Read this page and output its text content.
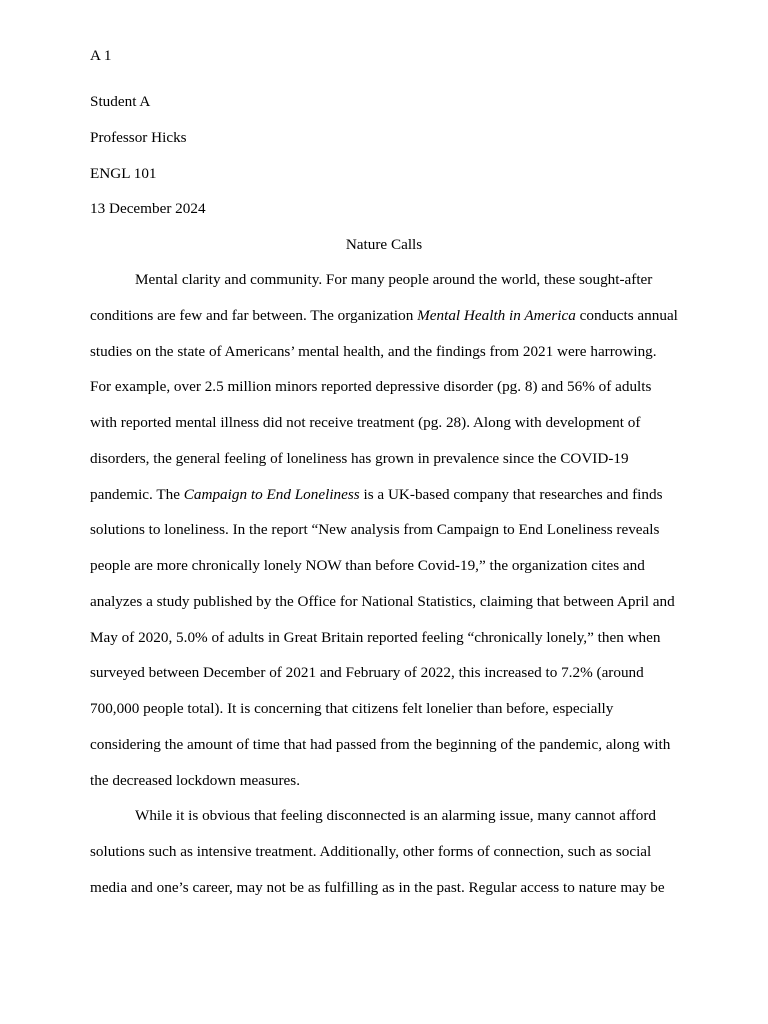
A 1

Student A

Professor Hicks

ENGL 101

13 December 2024

Nature Calls

Mental clarity and community. For many people around the world, these sought-after conditions are few and far between. The organization Mental Health in America conducts annual studies on the state of Americans’ mental health, and the findings from 2021 were harrowing. For example, over 2.5 million minors reported depressive disorder (pg. 8) and 56% of adults with reported mental illness did not receive treatment (pg. 28). Along with development of disorders, the general feeling of loneliness has grown in prevalence since the COVID-19 pandemic. The Campaign to End Loneliness is a UK-based company that researches and finds solutions to loneliness. In the report “New analysis from Campaign to End Loneliness reveals people are more chronically lonely NOW than before Covid-19,” the organization cites and analyzes a study published by the Office for National Statistics, claiming that between April and May of 2020, 5.0% of adults in Great Britain reported feeling “chronically lonely,” then when surveyed between December of 2021 and February of 2022, this increased to 7.2% (around 700,000 people total). It is concerning that citizens felt lonelier than before, especially considering the amount of time that had passed from the beginning of the pandemic, along with the decreased lockdown measures.

While it is obvious that feeling disconnected is an alarming issue, many cannot afford solutions such as intensive treatment. Additionally, other forms of connection, such as social media and one’s career, may not be as fulfilling as in the past. Regular access to nature may be
